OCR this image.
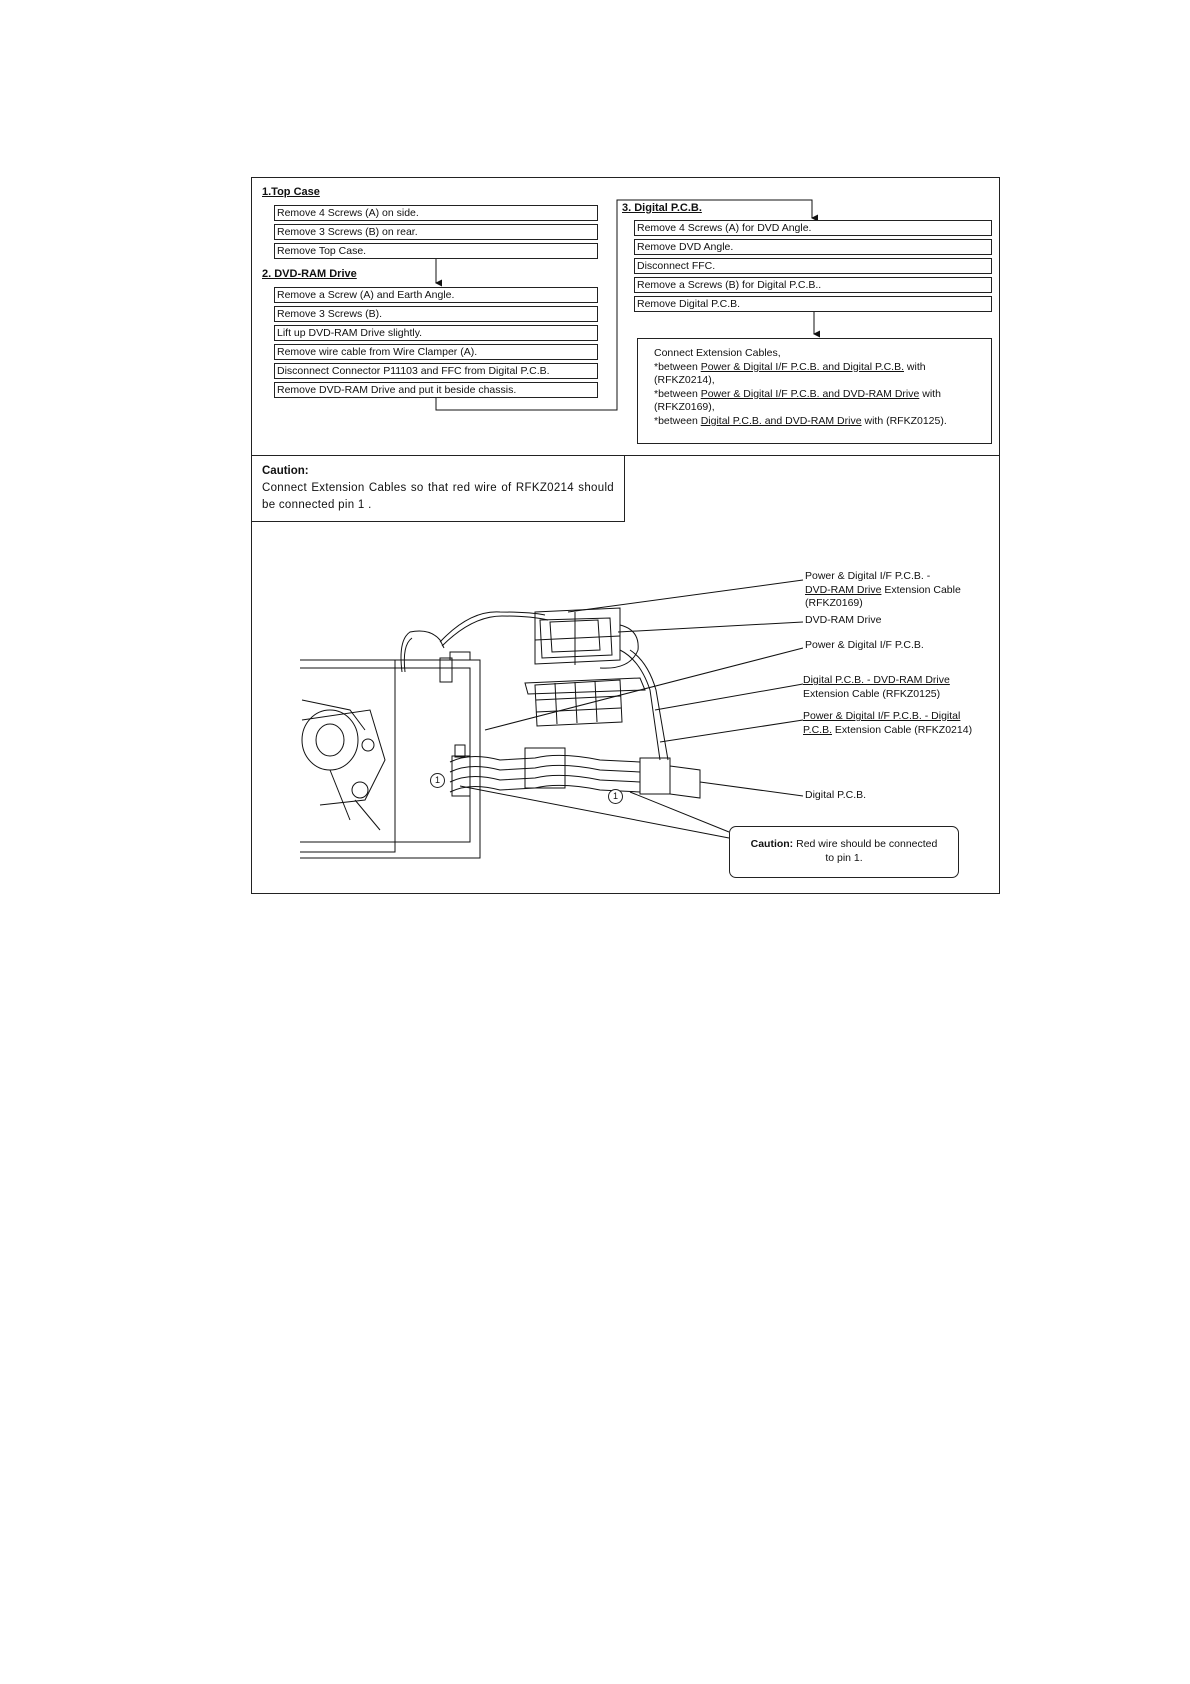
1.Top Case
Remove 4 Screws (A) on side.
Remove 3 Screws (B) on rear.
Remove Top Case.
2. DVD-RAM Drive
Remove a Screw (A) and Earth Angle.
Remove 3 Screws (B).
Lift up DVD-RAM Drive slightly.
Remove wire cable from Wire Clamper (A).
Disconnect Connector P11103 and FFC from Digital P.C.B.
Remove DVD-RAM Drive and put it beside chassis.
3. Digital P.C.B.
Remove 4 Screws (A) for DVD Angle.
Remove DVD Angle.
Disconnect FFC.
Remove a Screws (B) for Digital P.C.B..
Remove Digital P.C.B.
Connect Extension Cables,
*between Power & Digital I/F P.C.B. and Digital P.C.B. with
(RFKZ0214),
*between Power & Digital I/F P.C.B. and DVD-RAM Drive with
(RFKZ0169),
*between Digital P.C.B. and DVD-RAM Drive with (RFKZ0125).
Caution:
Connect Extension Cables so that red wire of RFKZ0214 should be connected pin 1 .
1
1
Power & Digital I/F P.C.B. -
DVD-RAM Drive Extension Cable
(RFKZ0169)
DVD-RAM Drive
Power & Digital I/F P.C.B.
Digital P.C.B. - DVD-RAM Drive
Extension Cable (RFKZ0125)
Power & Digital I/F P.C.B. - Digital
P.C.B. Extension Cable (RFKZ0214)
Digital P.C.B.
Caution: Red wire should be connected
to pin 1.
